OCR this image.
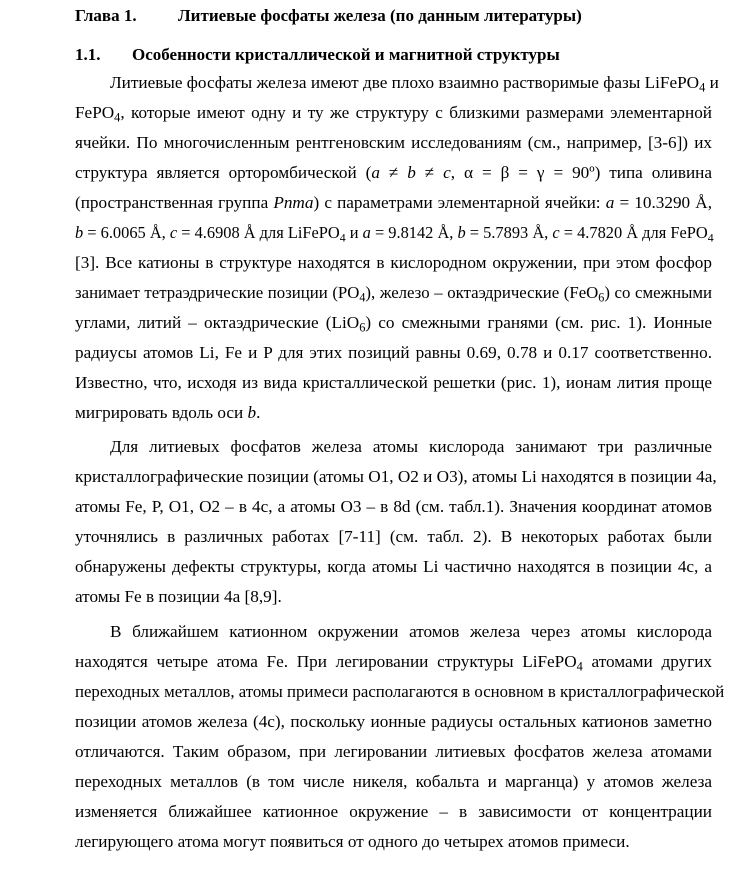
Глава 1. Литиевые фосфаты железа (по данным литературы)
1.1. Особенности кристаллической и магнитной структуры
Литиевые фосфаты железа имеют две плохо взаимно растворимые фазы LiFePO$_4$ и
FePO$_4$, которые имеют одну и ту же структуру с близкими размерами элементарной
ячейки. По многочисленным рентгеновским исследованиям (см., например, [3-6]) их
структура является орторомбической (a ≠ b ≠ c, α = β = γ = 90º) типа оливина
(пространственная группа Pnma) с параметрами элементарной ячейки: a = 10.3290 Å,
b = 6.0065 Å, c = 4.6908 Å для LiFePO$_4$ и a = 9.8142 Å, b = 5.7893 Å, c = 4.7820 Å для FePO$_4$
[3]. Все катионы в структуре находятся в кислородном окружении, при этом фосфор
занимает тетраэдрические позиции $(PO_4)$, железо – октаэдрические (FeO$_6$) со смежными
углами, литий – октаэдрические (LiO$_6$) со смежными гранями (см. рис. 1). Ионные
радиусы атомов Li, Fe и P для этих позиций равны 0.69, 0.78 и 0.17 соответственно.
Известно, что, исходя из вида кристаллической решетки (рис. 1), ионам лития проще
мигрировать вдоль оси b.
Для литиевых фосфатов железа атомы кислорода занимают три различные
кристаллографические позиции (атомы O1, O2 и O3), атомы Li находятся в позиции 4a,
атомы Fe, P, O1, O2 – в 4c, а атомы O3 – в 8d (см. табл.1). Значения координат атомов
уточнялись в различных работах [7-11] (см. табл. 2). В некоторых работах были
обнаружены дефекты структуры, когда атомы Li частично находятся в позиции 4c, а
атомы Fe в позиции 4a [8,9].
В ближайшем катионном окружении атомов железа через атомы кислорода
находятся четыре атома Fe. При легировании структуры LiFePO$_4$ атомами других
переходных металлов, атомы примеси располагаются в основном в кристаллографической
позиции атомов железа (4c), поскольку ионные радиусы остальных катионов заметно
отличаются. Таким образом, при легировании литиевых фосфатов железа атомами
переходных металлов (в том числе никеля, кобальта и марганца) у атомов железа
изменяется ближайшее катионное окружение – в зависимости от концентрации
легирующего атома могут появиться от одного до четырех атомов примеси.
